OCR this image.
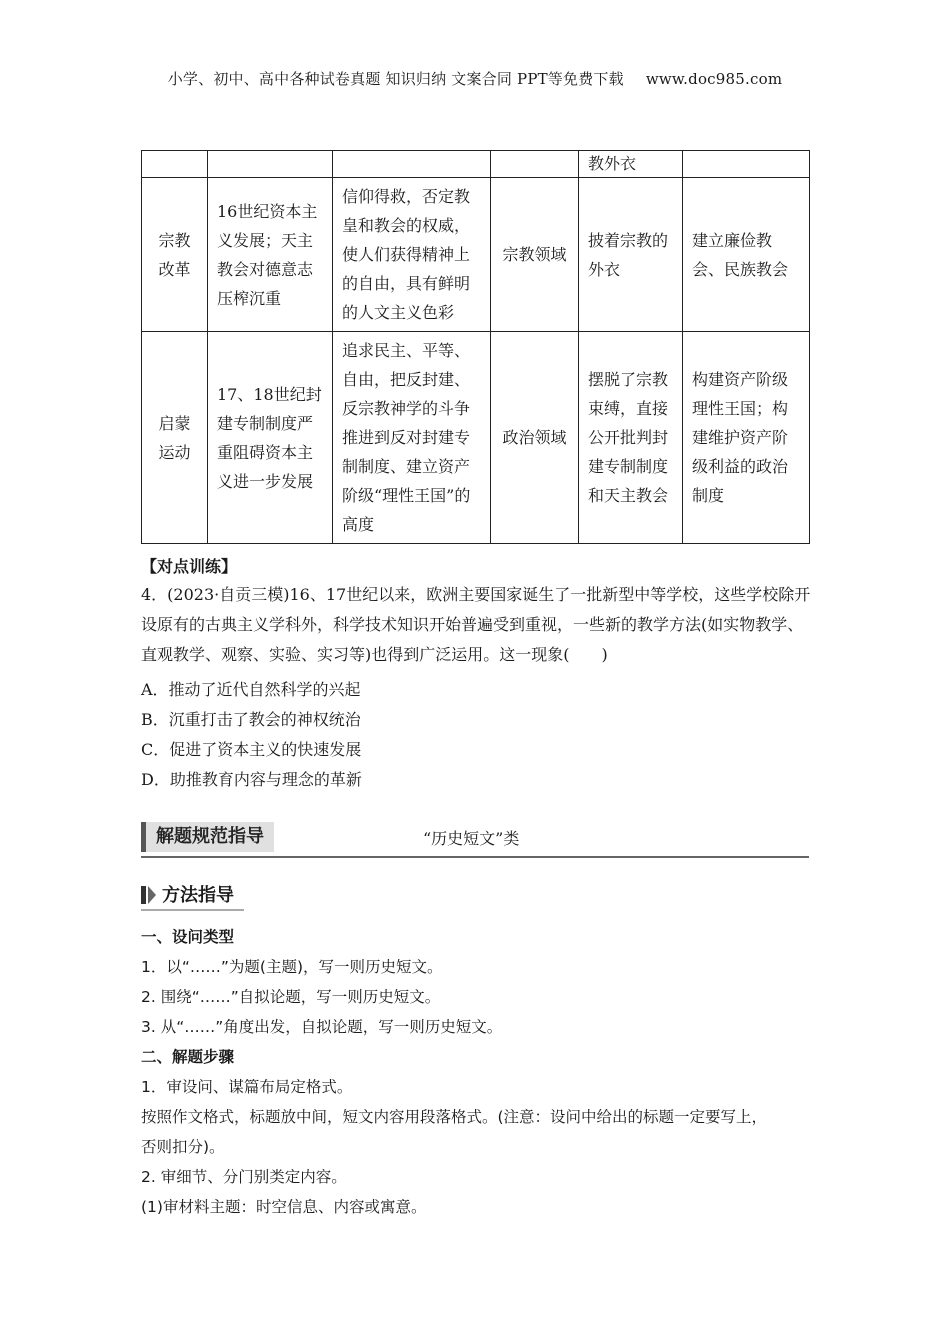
小学、初中、高中各种试卷真题 知识归纳 文案合同 PPT等免费下载 www.doc985.com
				教外衣	
宗教改革	16世纪资本主义发展；天主教会对德意志压榨沉重	信仰得救，否定教皇和教会的权威，使人们获得精神上的自由，具有鲜明的人文主义色彩	宗教领域	披着宗教的外衣	建立廉俭教会、民族教会
启蒙运动	17、18世纪封建专制制度严重阻碍资本主义进一步发展	追求民主、平等、自由，把反封建、反宗教神学的斗争推进到反对封建专制制度、建立资产阶级“理性王国”的高度	政治领域	摆脱了宗教束缚，直接公开批判封建专制制度和天主教会	构建资产阶级理性王国；构建维护资产阶级利益的政治制度
【对点训练】
4．(2023·自贡三模)16、17世纪以来，欧洲主要国家诞生了一批新型中等学校，这些学校除开设原有的古典主义学科外，科学技术知识开始普遍受到重视，一些新的教学方法(如实物教学、直观教学、观察、实验、实习等)也得到广泛运用。这一现象(　　)
A．推动了近代自然科学的兴起
B．沉重打击了教会的神权统治
C．促进了资本主义的快速发展
D．助推教育内容与理念的革新
解题规范指导	“历史短文”类
方法指导
一、设问类型
1．以“……”为题(主题)，写一则历史短文。
2. 围绕“……”自拟论题，写一则历史短文。
3. 从“……”角度出发，自拟论题，写一则历史短文。
二、解题步骤
1．审设问、谋篇布局定格式。
按照作文格式，标题放中间，短文内容用段落格式。(注意：设问中给出的标题一定要写上，
否则扣分)。
2. 审细节、分门别类定内容。
(1)审材料主题：时空信息、内容或寓意。
